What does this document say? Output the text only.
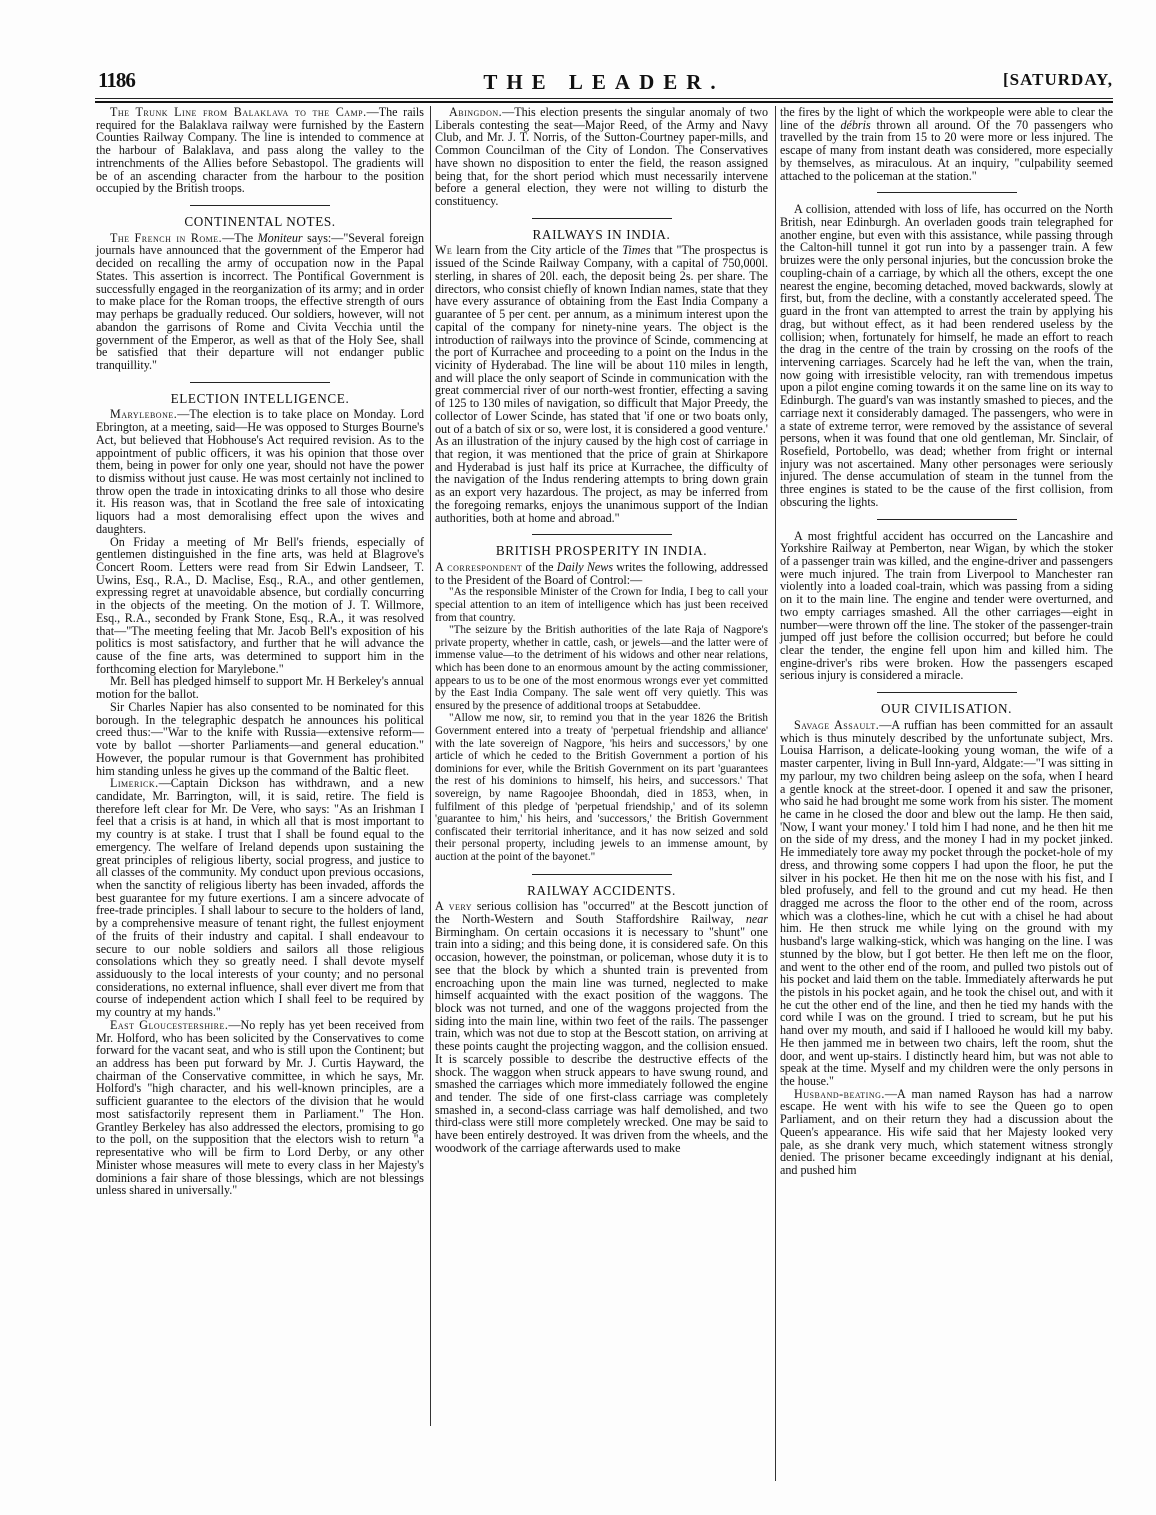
1186	THE LEADER.	[SATURDAY,

The Trunk Line from Balaklava to the Camp.—The rails required for the Balaklava railway were furnished by the Eastern Counties Railway Company. The line is intended to commence at the harbour of Balaklava, and pass along the valley to the intrenchments of the Allies before Sebastopol. The gradients will be of an ascending character from the harbour to the position occupied by the British troops.

CONTINENTAL NOTES.

The French in Rome.—The Moniteur says:—"Several foreign journals have announced that the government of the Emperor had decided on recalling the army of occupation now in the Papal States. This assertion is incorrect. The Pontifical Government is successfully engaged in the reorganization of its army; and in order to make place for the Roman troops, the effective strength of ours may perhaps be gradually reduced. Our soldiers, however, will not abandon the garrisons of Rome and Civita Vecchia until the government of the Emperor, as well as that of the Holy See, shall be satisfied that their departure will not endanger public tranquillity."

ELECTION INTELLIGENCE.

Marylebone.—The election is to take place on Monday. Lord Ebrington, at a meeting, said—He was opposed to Sturges Bourne's Act, but believed that Hobhouse's Act required revision. As to the appointment of public officers, it was his opinion that those over them, being in power for only one year, should not have the power to dismiss without just cause. He was most certainly not inclined to throw open the trade in intoxicating drinks to all those who desire it. His reason was, that in Scotland the free sale of intoxicating liquors had a most demoralising effect upon the wives and daughters.

On Friday a meeting of Mr Bell's friends, especially of gentlemen distinguished in the fine arts, was held at Blagrove's Concert Room. Letters were read from Sir Edwin Landseer, T. Uwins, Esq., R.A., D. Maclise, Esq., R.A., and other gentlemen, expressing regret at unavoidable absence, but cordially concurring in the objects of the meeting. On the motion of J. T. Willmore, Esq., R.A., seconded by Frank Stone, Esq., R.A., it was resolved that—"The meeting feeling that Mr. Jacob Bell's exposition of his politics is most satisfactory, and further that he will advance the cause of the fine arts, was determined to support him in the forthcoming election for Marylebone."

Mr. Bell has pledged himself to support Mr. H Berkeley's annual motion for the ballot.

Sir Charles Napier has also consented to be nominated for this borough. In the telegraphic despatch he announces his political creed thus:—"War to the knife with Russia—extensive reform—vote by ballot —shorter Parliaments—and general education." However, the popular rumour is that Government has prohibited him standing unless he gives up the command of the Baltic fleet.

Limerick.—Captain Dickson has withdrawn, and a new candidate, Mr. Barrington, will, it is said, retire. The field is therefore left clear for Mr. De Vere, who says: "As an Irishman I feel that a crisis is at hand, in which all that is most important to my country is at stake. I trust that I shall be found equal to the emergency. The welfare of Ireland depends upon sustaining the great principles of religious liberty, social progress, and justice to all classes of the community. My conduct upon previous occasions, when the sanctity of religious liberty has been invaded, affords the best guarantee for my future exertions. I am a sincere advocate of free-trade principles. I shall labour to secure to the holders of land, by a comprehensive measure of tenant right, the fullest enjoyment of the fruits of their industry and capital. I shall endeavour to secure to our noble soldiers and sailors all those religious consolations which they so greatly need. I shall devote myself assiduously to the local interests of your county; and no personal considerations, no external influence, shall ever divert me from that course of independent action which I shall feel to be required by my country at my hands."

East Gloucestershire.—No reply has yet been received from Mr. Holford, who has been solicited by the Conservatives to come forward for the vacant seat, and who is still upon the Continent; but an address has been put forward by Mr. J. Curtis Hayward, the chairman of the Conservative committee, in which he says, Mr. Holford's "high character, and his well-known principles, are a sufficient guarantee to the electors of the division that he would most satisfactorily represent them in Parliament." The Hon. Grantley Berkeley has also addressed the electors, promising to go to the poll, on the supposition that the electors wish to return "a representative who will be firm to Lord Derby, or any other Minister whose measures will mete to every class in her Majesty's dominions a fair share of those blessings, which are not blessings unless shared in universally."

Abingdon.—This election presents the singular anomaly of two Liberals contesting the seat—Major Reed, of the Army and Navy Club, and Mr. J. T. Norris, of the Sutton-Courtney paper-mills, and Common Councilman of the City of London. The Conservatives have shown no disposition to enter the field, the reason assigned being that, for the short period which must necessarily intervene before a general election, they were not willing to disturb the constituency.

RAILWAYS IN INDIA.

We learn from the City article of the Times that "The prospectus is issued of the Scinde Railway Company, with a capital of 750,000l. sterling, in shares of 20l. each, the deposit being 2s. per share. The directors, who consist chiefly of known Indian names, state that they have every assurance of obtaining from the East India Company a guarantee of 5 per cent. per annum, as a minimum interest upon the capital of the company for ninety-nine years. The object is the introduction of railways into the province of Scinde, commencing at the port of Kurrachee and proceeding to a point on the Indus in the vicinity of Hyderabad. The line will be about 110 miles in length, and will place the only seaport of Scinde in communication with the great commercial river of our north-west frontier, effecting a saving of 125 to 130 miles of navigation, so difficult that Major Preedy, the collector of Lower Scinde, has stated that 'if one or two boats only, out of a batch of six or so, were lost, it is considered a good venture.' As an illustration of the injury caused by the high cost of carriage in that region, it was mentioned that the price of grain at Shirkapore and Hyderabad is just half its price at Kurrachee, the difficulty of the navigation of the Indus rendering attempts to bring down grain as an export very hazardous. The project, as may be inferred from the foregoing remarks, enjoys the unanimous support of the Indian authorities, both at home and abroad."

BRITISH PROSPERITY IN INDIA.

A correspondent of the Daily News writes the following, addressed to the President of the Board of Control:—

"As the responsible Minister of the Crown for India, I beg to call your special attention to an item of intelligence which has just been received from that country.

"The seizure by the British authorities of the late Raja of Nagpore's private property, whether in cattle, cash, or jewels—and the latter were of immense value—to the detriment of his widows and other near relations, which has been done to an enormous amount by the acting commissioner, appears to us to be one of the most enormous wrongs ever yet committed by the East India Company. The sale went off very quietly. This was ensured by the presence of additional troops at Setabuddee.

"Allow me now, sir, to remind you that in the year 1826 the British Government entered into a treaty of 'perpetual friendship and alliance' with the late sovereign of Nagpore, 'his heirs and successors,' by one article of which he ceded to the British Government a portion of his dominions for ever, while the British Government on its part 'guarantees the rest of his dominions to himself, his heirs, and successors.' That sovereign, by name Ragoojee Bhoondah, died in 1853, when, in fulfilment of this pledge of 'perpetual friendship,' and of its solemn 'guarantee to him,' his heirs, and 'successors,' the British Government confiscated their territorial inheritance, and it has now seized and sold their personal property, including jewels to an immense amount, by auction at the point of the bayonet."

RAILWAY ACCIDENTS.

A very serious collision has "occurred" at the Bescott junction of the North-Western and South Staffordshire Railway, near Birmingham. On certain occasions it is necessary to "shunt" one train into a siding; and this being done, it is considered safe. On this occasion, however, the poinstman, or policeman, whose duty it is to see that the block by which a shunted train is prevented from encroaching upon the main line was turned, neglected to make himself acquainted with the exact position of the waggons. The block was not turned, and one of the waggons projected from the siding into the main line, within two feet of the rails. The passenger train, which was not due to stop at the Bescott station, on arriving at these points caught the projecting waggon, and the collision ensued. It is scarcely possible to describe the destructive effects of the shock. The waggon when struck appears to have swung round, and smashed the carriages which more immediately followed the engine and tender. The side of one first-class carriage was completely smashed in, a second-class carriage was half demolished, and two third-class were still more completely wrecked. One may be said to have been entirely destroyed. It was driven from the wheels, and the woodwork of the carriage afterwards used to make

the fires by the light of which the workpeople were able to clear the line of the débris thrown all around. Of the 70 passengers who travelled by the train from 15 to 20 were more or less injured. The escape of many from instant death was considered, more especially by themselves, as miraculous. At an inquiry, "culpability seemed attached to the policeman at the station."

A collision, attended with loss of life, has occurred on the North British, near Edinburgh. An overladen goods train telegraphed for another engine, but even with this assistance, while passing through the Calton-hill tunnel it got run into by a passenger train. A few bruizes were the only personal injuries, but the concussion broke the coupling-chain of a carriage, by which all the others, except the one nearest the engine, becoming detached, moved backwards, slowly at first, but, from the decline, with a constantly accelerated speed. The guard in the front van attempted to arrest the train by applying his drag, but without effect, as it had been rendered useless by the collision; when, fortunately for himself, he made an effort to reach the drag in the centre of the train by crossing on the roofs of the intervening carriages. Scarcely had he left the van, when the train, now going with irresistible velocity, ran with tremendous impetus upon a pilot engine coming towards it on the same line on its way to Edinburgh. The guard's van was instantly smashed to pieces, and the carriage next it considerably damaged. The passengers, who were in a state of extreme terror, were removed by the assistance of several persons, when it was found that one old gentleman, Mr. Sinclair, of Rosefield, Portobello, was dead; whether from fright or internal injury was not ascertained. Many other personages were seriously injured. The dense accumulation of steam in the tunnel from the three engines is stated to be the cause of the first collision, from obscuring the lights.

A most frightful accident has occurred on the Lancashire and Yorkshire Railway at Pemberton, near Wigan, by which the stoker of a passenger train was killed, and the engine-driver and passengers were much injured. The train from Liverpool to Manchester ran violently into a loaded coal-train, which was passing from a siding on it to the main line. The engine and tender were overturned, and two empty carriages smashed. All the other carriages—eight in number—were thrown off the line. The stoker of the passenger-train jumped off just before the collision occurred; but before he could clear the tender, the engine fell upon him and killed him. The engine-driver's ribs were broken. How the passengers escaped serious injury is considered a miracle.

OUR CIVILISATION.

Savage Assault.—A ruffian has been committed for an assault which is thus minutely described by the unfortunate subject, Mrs. Louisa Harrison, a delicate-looking young woman, the wife of a master carpenter, living in Bull Inn-yard, Aldgate:—"I was sitting in my parlour, my two children being asleep on the sofa, when I heard a gentle knock at the street-door. I opened it and saw the prisoner, who said he had brought me some work from his sister. The moment he came in he closed the door and blew out the lamp. He then said, 'Now, I want your money.' I told him I had none, and he then hit me on the side of my dress, and the money I had in my pocket jinked. He immediately tore away my pocket through the pocket-hole of my dress, and throwing some coppers I had upon the floor, he put the silver in his pocket. He then hit me on the nose with his fist, and I bled profusely, and fell to the ground and cut my head. He then dragged me across the floor to the other end of the room, across which was a clothes-line, which he cut with a chisel he had about him. He then struck me while lying on the ground with my husband's large walking-stick, which was hanging on the line. I was stunned by the blow, but I got better. He then left me on the floor, and went to the other end of the room, and pulled two pistols out of his pocket and laid them on the table. Immediately afterwards he put the pistols in his pocket again, and he took the chisel out, and with it he cut the other end of the line, and then he tied my hands with the cord while I was on the ground. I tried to scream, but he put his hand over my mouth, and said if I hallooed he would kill my baby. He then jammed me in between two chairs, left the room, shut the door, and went up-stairs. I distinctly heard him, but was not able to speak at the time. Myself and my children were the only persons in the house."

Husband-beating.—A man named Rayson has had a narrow escape. He went with his wife to see the Queen go to open Parliament, and on their return they had a discussion about the Queen's appearance. His wife said that her Majesty looked very pale, as she drank very much, which statement witness strongly denied. The prisoner became exceedingly indignant at his denial, and pushed him
